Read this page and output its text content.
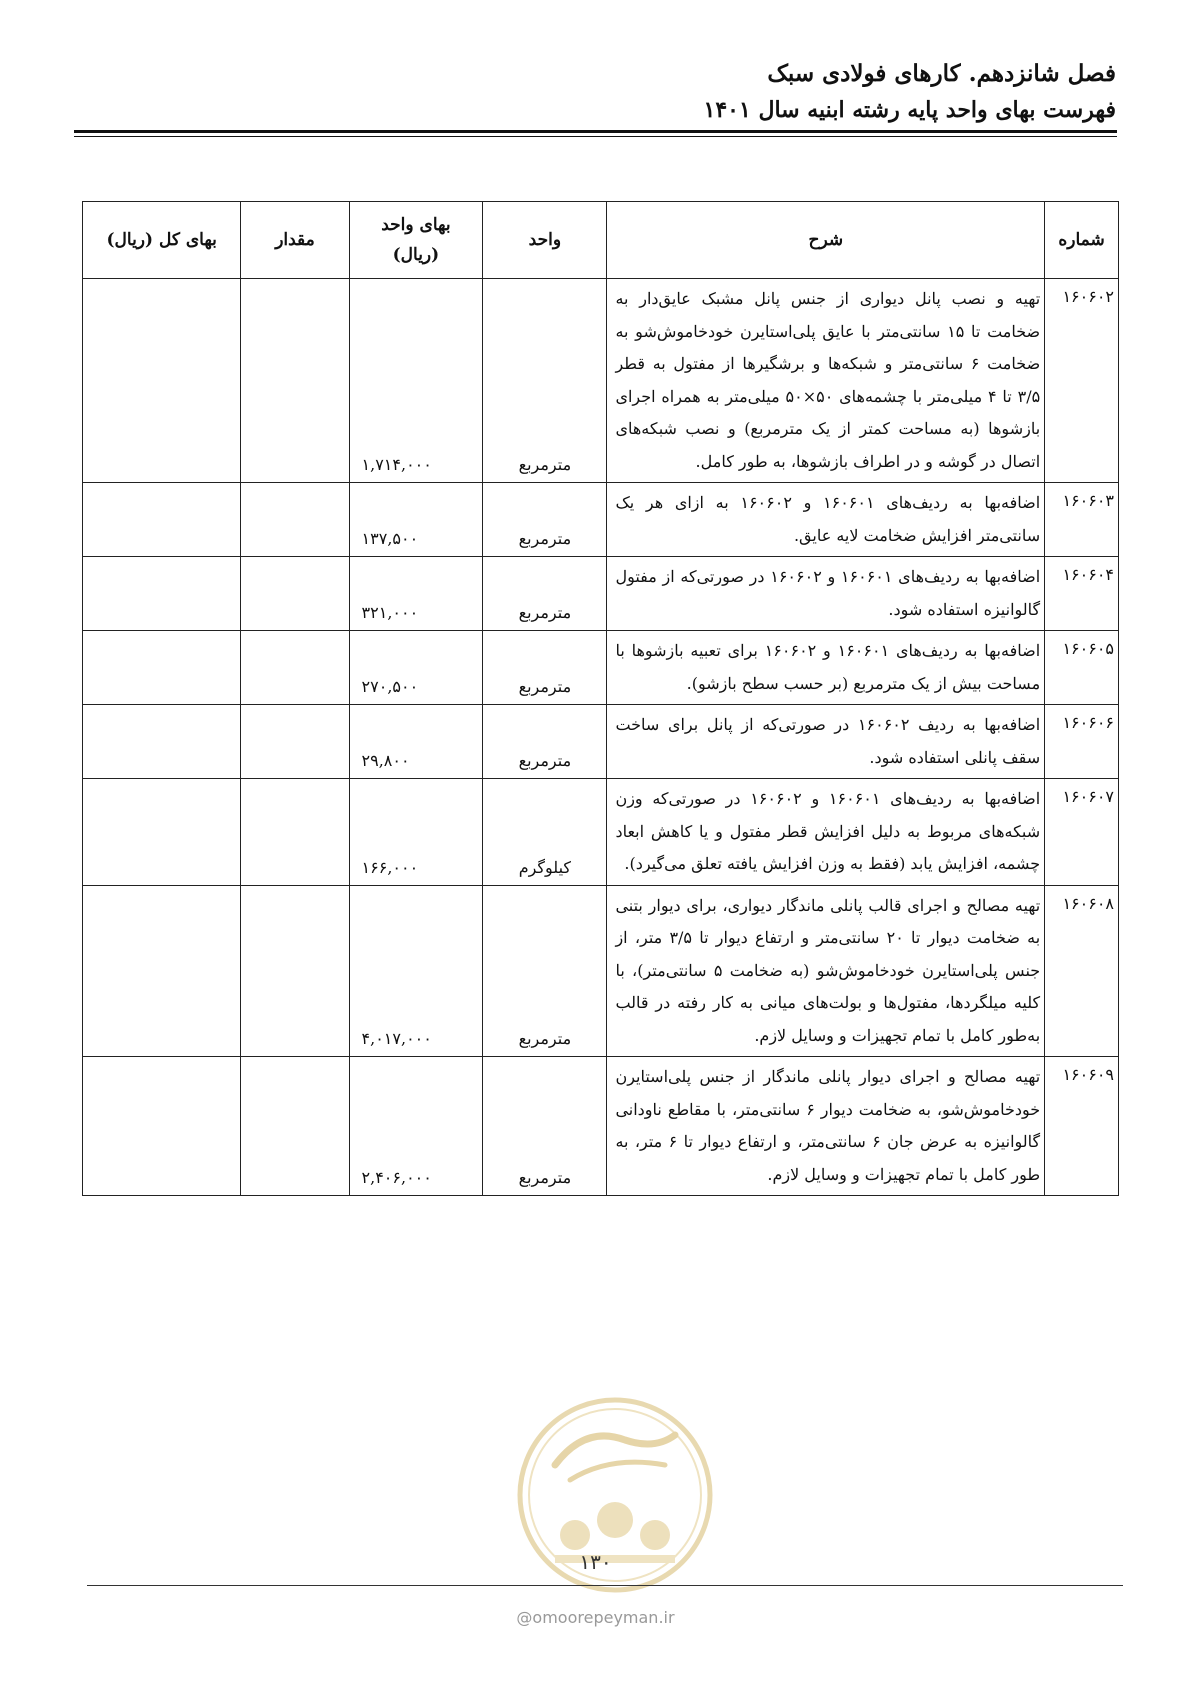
فصل شانزدهم. کارهای فولادی سبک
فهرست بهای واحد پایه رشته ابنیه سال ۱۴۰۱
شماره	شرح	واحد	بهای واحد (ریال)	مقدار	بهای کل (ریال)
۱۶۰۶۰۲	تهیه و نصب پانل دیواری از جنس پانل مشبک عایق‌دار به ضخامت تا ۱۵ سانتی‌متر با عایق پلی‌استایرن خودخاموش‌شو به ضخامت ۶ سانتی‌متر و شبکه‌ها و برشگیرها از مفتول به قطر ۳/۵ تا ۴ میلی‌متر با چشمه‌های ۵۰×۵۰ میلی‌متر به همراه اجرای بازشوها (به مساحت کمتر از یک مترمربع) و نصب شبکه‌های اتصال در گوشه و در اطراف بازشوها، به طور کامل.	مترمربع	۱,۷۱۴,۰۰۰		
۱۶۰۶۰۳	اضافه‌بها به ردیف‌های ۱۶۰۶۰۱ و ۱۶۰۶۰۲ به ازای هر یک سانتی‌متر افزایش ضخامت لایه عایق.	مترمربع	۱۳۷,۵۰۰		
۱۶۰۶۰۴	اضافه‌بها به ردیف‌های ۱۶۰۶۰۱ و ۱۶۰۶۰۲ در صورتی‌که از مفتول گالوانیزه استفاده شود.	مترمربع	۳۲۱,۰۰۰		
۱۶۰۶۰۵	اضافه‌بها به ردیف‌های ۱۶۰۶۰۱ و ۱۶۰۶۰۲ برای تعبیه بازشوها با مساحت بیش از یک مترمربع (بر حسب سطح بازشو).	مترمربع	۲۷۰,۵۰۰		
۱۶۰۶۰۶	اضافه‌بها به ردیف ۱۶۰۶۰۲ در صورتی‌که از پانل برای ساخت سقف پانلی استفاده شود.	مترمربع	۲۹,۸۰۰		
۱۶۰۶۰۷	اضافه‌بها به ردیف‌های ۱۶۰۶۰۱ و ۱۶۰۶۰۲ در صورتی‌که وزن شبکه‌های مربوط به دلیل افزایش قطر مفتول و یا کاهش ابعاد چشمه، افزایش یابد (فقط به وزن افزایش یافته تعلق می‌گیرد).	کیلوگرم	۱۶۶,۰۰۰		
۱۶۰۶۰۸	تهیه مصالح و اجرای قالب پانلی ماندگار دیواری، برای دیوار بتنی به ضخامت دیوار تا ۲۰ سانتی‌متر و ارتفاع دیوار تا ۳/۵ متر، از جنس پلی‌استایرن خودخاموش‌شو (به ضخامت ۵ سانتی‌متر)، با کلیه میلگردها، مفتول‌ها و بولت‌های میانی به کار رفته در قالب به‌طور کامل با تمام تجهیزات و وسایل لازم.	مترمربع	۴,۰۱۷,۰۰۰		
۱۶۰۶۰۹	تهیه مصالح و اجرای دیوار پانلی ماندگار از جنس پلی‌استایرن خودخاموش‌شو، به ضخامت دیوار ۶ سانتی‌متر، با مقاطع ناودانی گالوانیزه به عرض جان ۶ سانتی‌متر، و ارتفاع دیوار تا ۶ متر، به طور کامل با تمام تجهیزات و وسایل لازم.	مترمربع	۲,۴۰۶,۰۰۰		
۱۳۰
@omoorepeyman.ir
